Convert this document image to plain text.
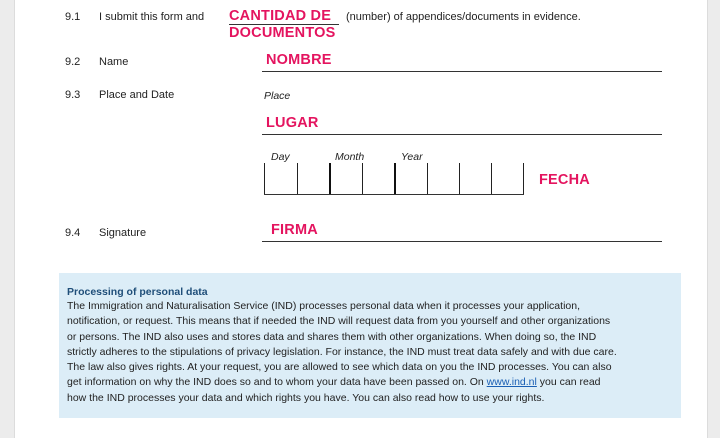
9.1 I submit this form and CANTIDAD DE
DOCUMENTOS
(number) of appendices/documents in evidence.
9.2 Name	NOMBRE
9.3 Place and Date	Place
LUGAR
Day	Month	Year
FECHA
9.4 Signature	FIRMA
Processing of personal data
The Immigration and Naturalisation Service (IND) processes personal data when it processes your application,
notification, or request. This means that if needed the IND will request data from you yourself and other organizations
or persons. The IND also uses and stores data and shares them with other organizations. When doing so, the IND
strictly adheres to the stipulations of privacy legislation. For instance, the IND must treat data safely and with due care.
The law also gives rights. At your request, you are allowed to see which data on you the IND processes. You can also
get information on why the IND does so and to whom your data have been passed on. On www.ind.nl you can read
how the IND processes your data and which rights you have. You can also read how to use your rights.
